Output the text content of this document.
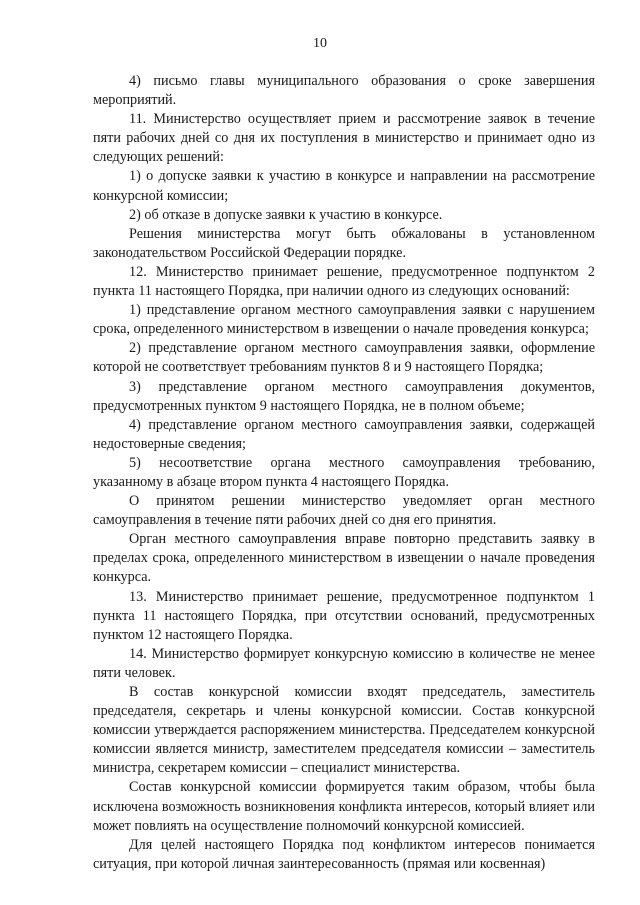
10

4) письмо главы муниципального образования о сроке завершения мероприятий.

11. Министерство осуществляет прием и рассмотрение заявок в течение пяти рабочих дней со дня их поступления в министерство и принимает одно из следующих решений:

1) о допуске заявки к участию в конкурсе и направлении на рассмотрение конкурсной комиссии;

2) об отказе в допуске заявки к участию в конкурсе.

Решения министерства могут быть обжалованы в установленном законодательством Российской Федерации порядке.

12. Министерство принимает решение, предусмотренное подпунктом 2 пункта 11 настоящего Порядка, при наличии одного из следующих оснований:

1) представление органом местного самоуправления заявки с нарушением срока, определенного министерством в извещении о начале проведения конкурса;

2) представление органом местного самоуправления заявки, оформление которой не соответствует требованиям пунктов 8 и 9 настоящего Порядка;

3) представление органом местного самоуправления документов, предусмотренных пунктом 9 настоящего Порядка, не в полном объеме;

4) представление органом местного самоуправления заявки, содержащей недостоверные сведения;

5) несоответствие органа местного самоуправления требованию, указанному в абзаце втором пункта 4 настоящего Порядка.

О принятом решении министерство уведомляет орган местного самоуправления в течение пяти рабочих дней со дня его принятия.

Орган местного самоуправления вправе повторно представить заявку в пределах срока, определенного министерством в извещении о начале проведения конкурса.

13. Министерство принимает решение, предусмотренное подпунктом 1 пункта 11 настоящего Порядка, при отсутствии оснований, предусмотренных пунктом 12 настоящего Порядка.

14. Министерство формирует конкурсную комиссию в количестве не менее пяти человек.

В состав конкурсной комиссии входят председатель, заместитель председателя, секретарь и члены конкурсной комиссии. Состав конкурсной комиссии утверждается распоряжением министерства. Председателем конкурсной комиссии является министр, заместителем председателя комиссии – заместитель министра, секретарем комиссии – специалист министерства.

Состав конкурсной комиссии формируется таким образом, чтобы была исключена возможность возникновения конфликта интересов, который влияет или может повлиять на осуществление полномочий конкурсной комиссией.

Для целей настоящего Порядка под конфликтом интересов понимается ситуация, при которой личная заинтересованность (прямая или косвенная)
